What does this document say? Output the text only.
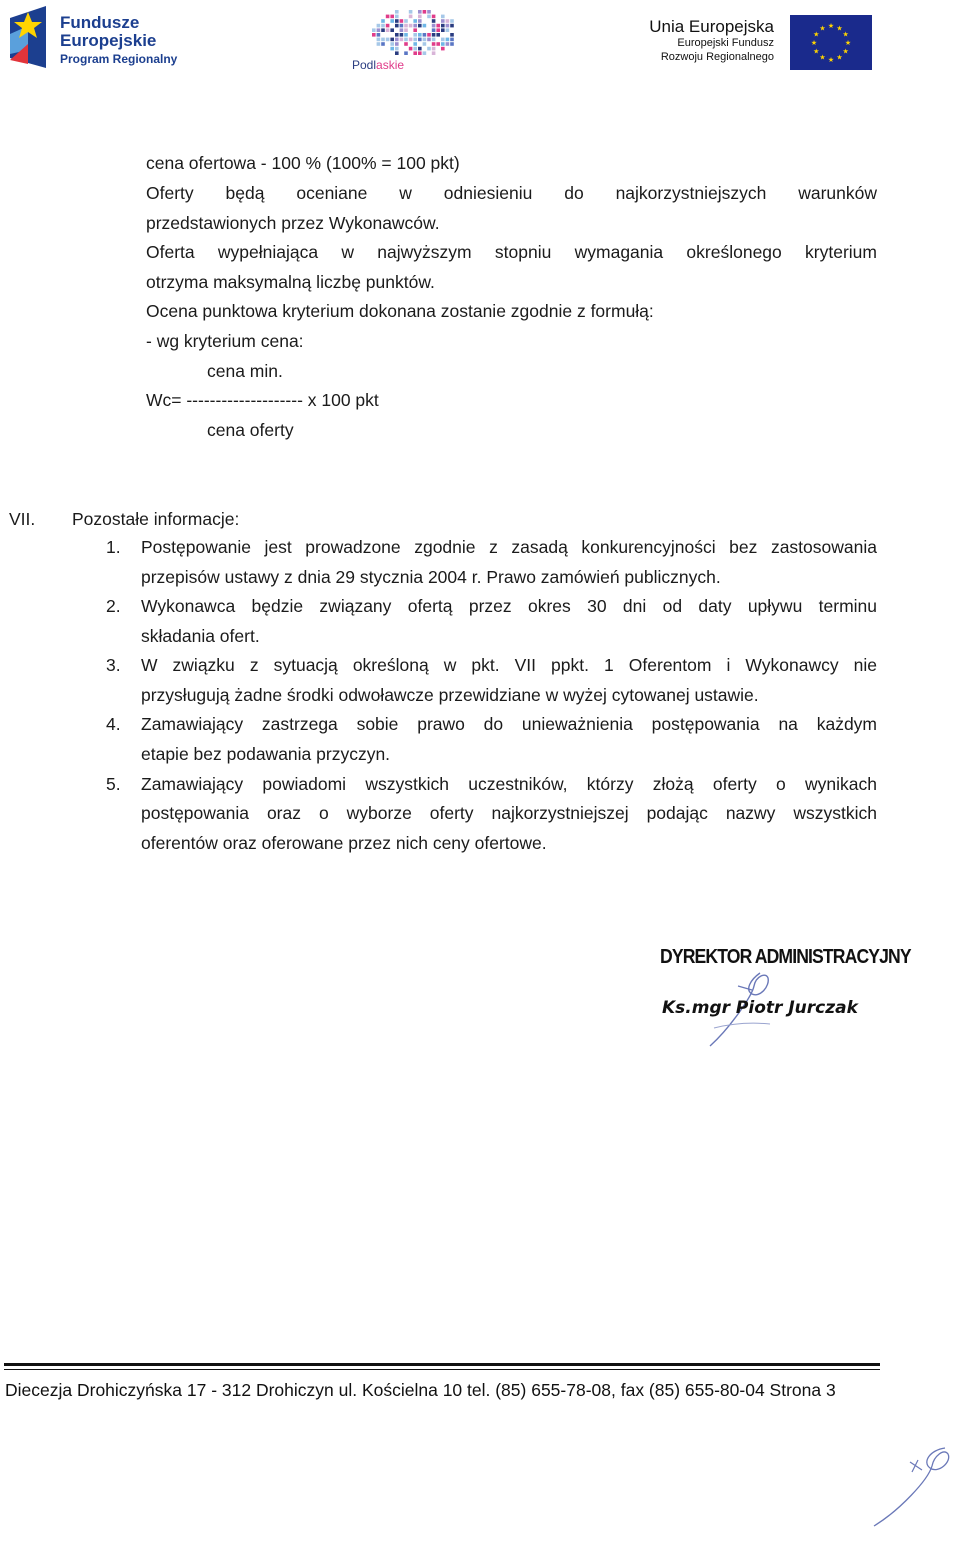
Fundusze
Europejskie
Program Regionalny	Podlaskie
Unia Europejska
Europejski Fundusz
Rozwoju Regionalnego
★ ★
★
★
★
★
★
★
★
★
★
★
cena ofertowa - 100 % (100% = 100 pkt)
Oferty będą oceniane w odniesieniu do najkorzystniejszych warunków
przedstawionych przez Wykonawców.
Oferta wypełniająca w najwyższym stopniu wymagania określonego kryterium
otrzyma maksymalną liczbę punktów.
Ocena punktowa kryterium dokonana zostanie zgodnie z formułą:
- wg kryterium cena:
cena min.
Wc= -------------------- x 100 pkt
cena oferty
VII. Pozostałe informacje:
1. Postępowanie jest prowadzone zgodnie z zasadą konkurencyjności bez zastosowania
przepisów ustawy z dnia 29 stycznia 2004 r. Prawo zamówień publicznych.
2. Wykonawca będzie związany ofertą przez okres 30 dni od daty upływu terminu
składania ofert.
3. W związku z sytuacją określoną w pkt. VII ppkt. 1 Oferentom i Wykonawcy nie
przysługują żadne środki odwoławcze przewidziane w wyżej cytowanej ustawie.
4. Zamawiający zastrzega sobie prawo do unieważnienia postępowania na każdym
etapie bez podawania przyczyn.
5. Zamawiający powiadomi wszystkich uczestników, którzy złożą oferty o wynikach
postępowania oraz o wyborze oferty najkorzystniejszej podając nazwy wszystkich
oferentów oraz oferowane przez nich ceny ofertowe.
DYREKTOR ADMINISTRACYJNY
Ks.mgr Piotr Jurczak
Diecezja Drohiczyńska 17 - 312 Drohiczyn ul. Kościelna 10 tel. (85) 655-78-08, fax (85) 655-80-04 Strona 3
